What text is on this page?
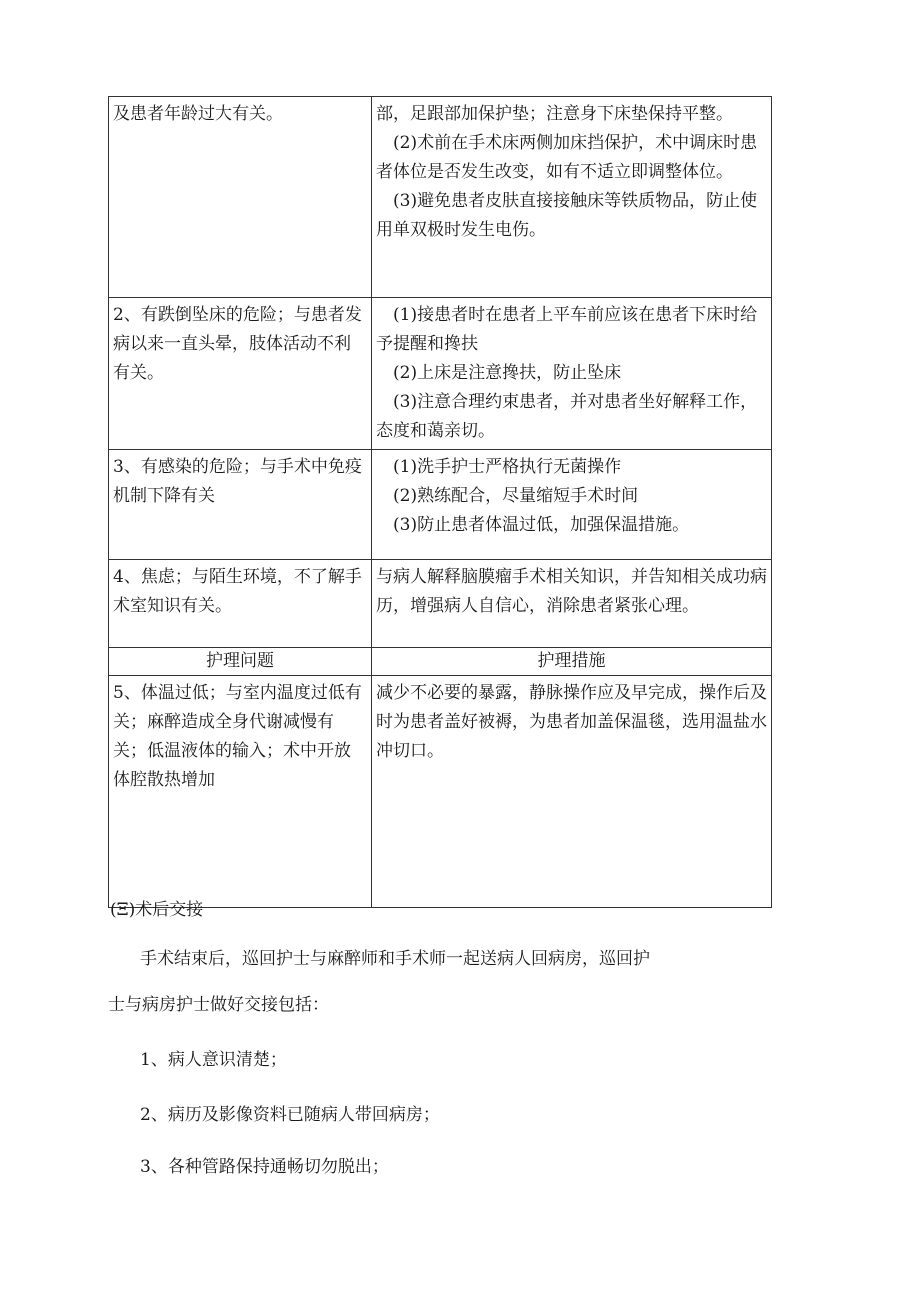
及患者年龄过大有关。	部，足跟部加保护垫；注意身下床垫保持平整。

(2)术前在手术床两侧加床挡保护，术中调床时患者体位是否发生改变，如有不适立即调整体位。

(3)避免患者皮肤直接接触床等铁质物品，防止使用单双极时发生电伤。

2、有跌倒坠床的危险；与患者发病以来一直头晕，肢体活动不利有关。	(1)接患者时在患者上平车前应该在患者下床时给予提醒和搀扶

(2)上床是注意搀扶，防止坠床

(3)注意合理约束患者，并对患者坐好解释工作，态度和蔼亲切。

3、有感染的危险；与手术中免疫机制下降有关	(1)洗手护士严格执行无菌操作

(2)熟练配合，尽量缩短手术时间

(3)防止患者体温过低，加强保温措施。

4、焦虑；与陌生环境，不了解手术室知识有关。	与病人解释脑膜瘤手术相关知识，并告知相关成功病历，增强病人自信心，消除患者紧张心理。

护理问题	护理措施
5、体温过低；与室内温度过低有关；麻醉造成全身代谢减慢有关；低温液体的输入；术中开放体腔散热增加	减少不必要的暴露，静脉操作应及早完成，操作后及时为患者盖好被褥，为患者加盖保温毯，选用温盐水冲切口。

(Ξ)术后交接
手术结束后，巡回护士与麻醉师和手术师一起送病人回病房，巡回护
士与病房护士做好交接包括：
1、病人意识清楚；
2、病历及影像资料已随病人带回病房；
3、各种管路保持通畅切勿脱出；
